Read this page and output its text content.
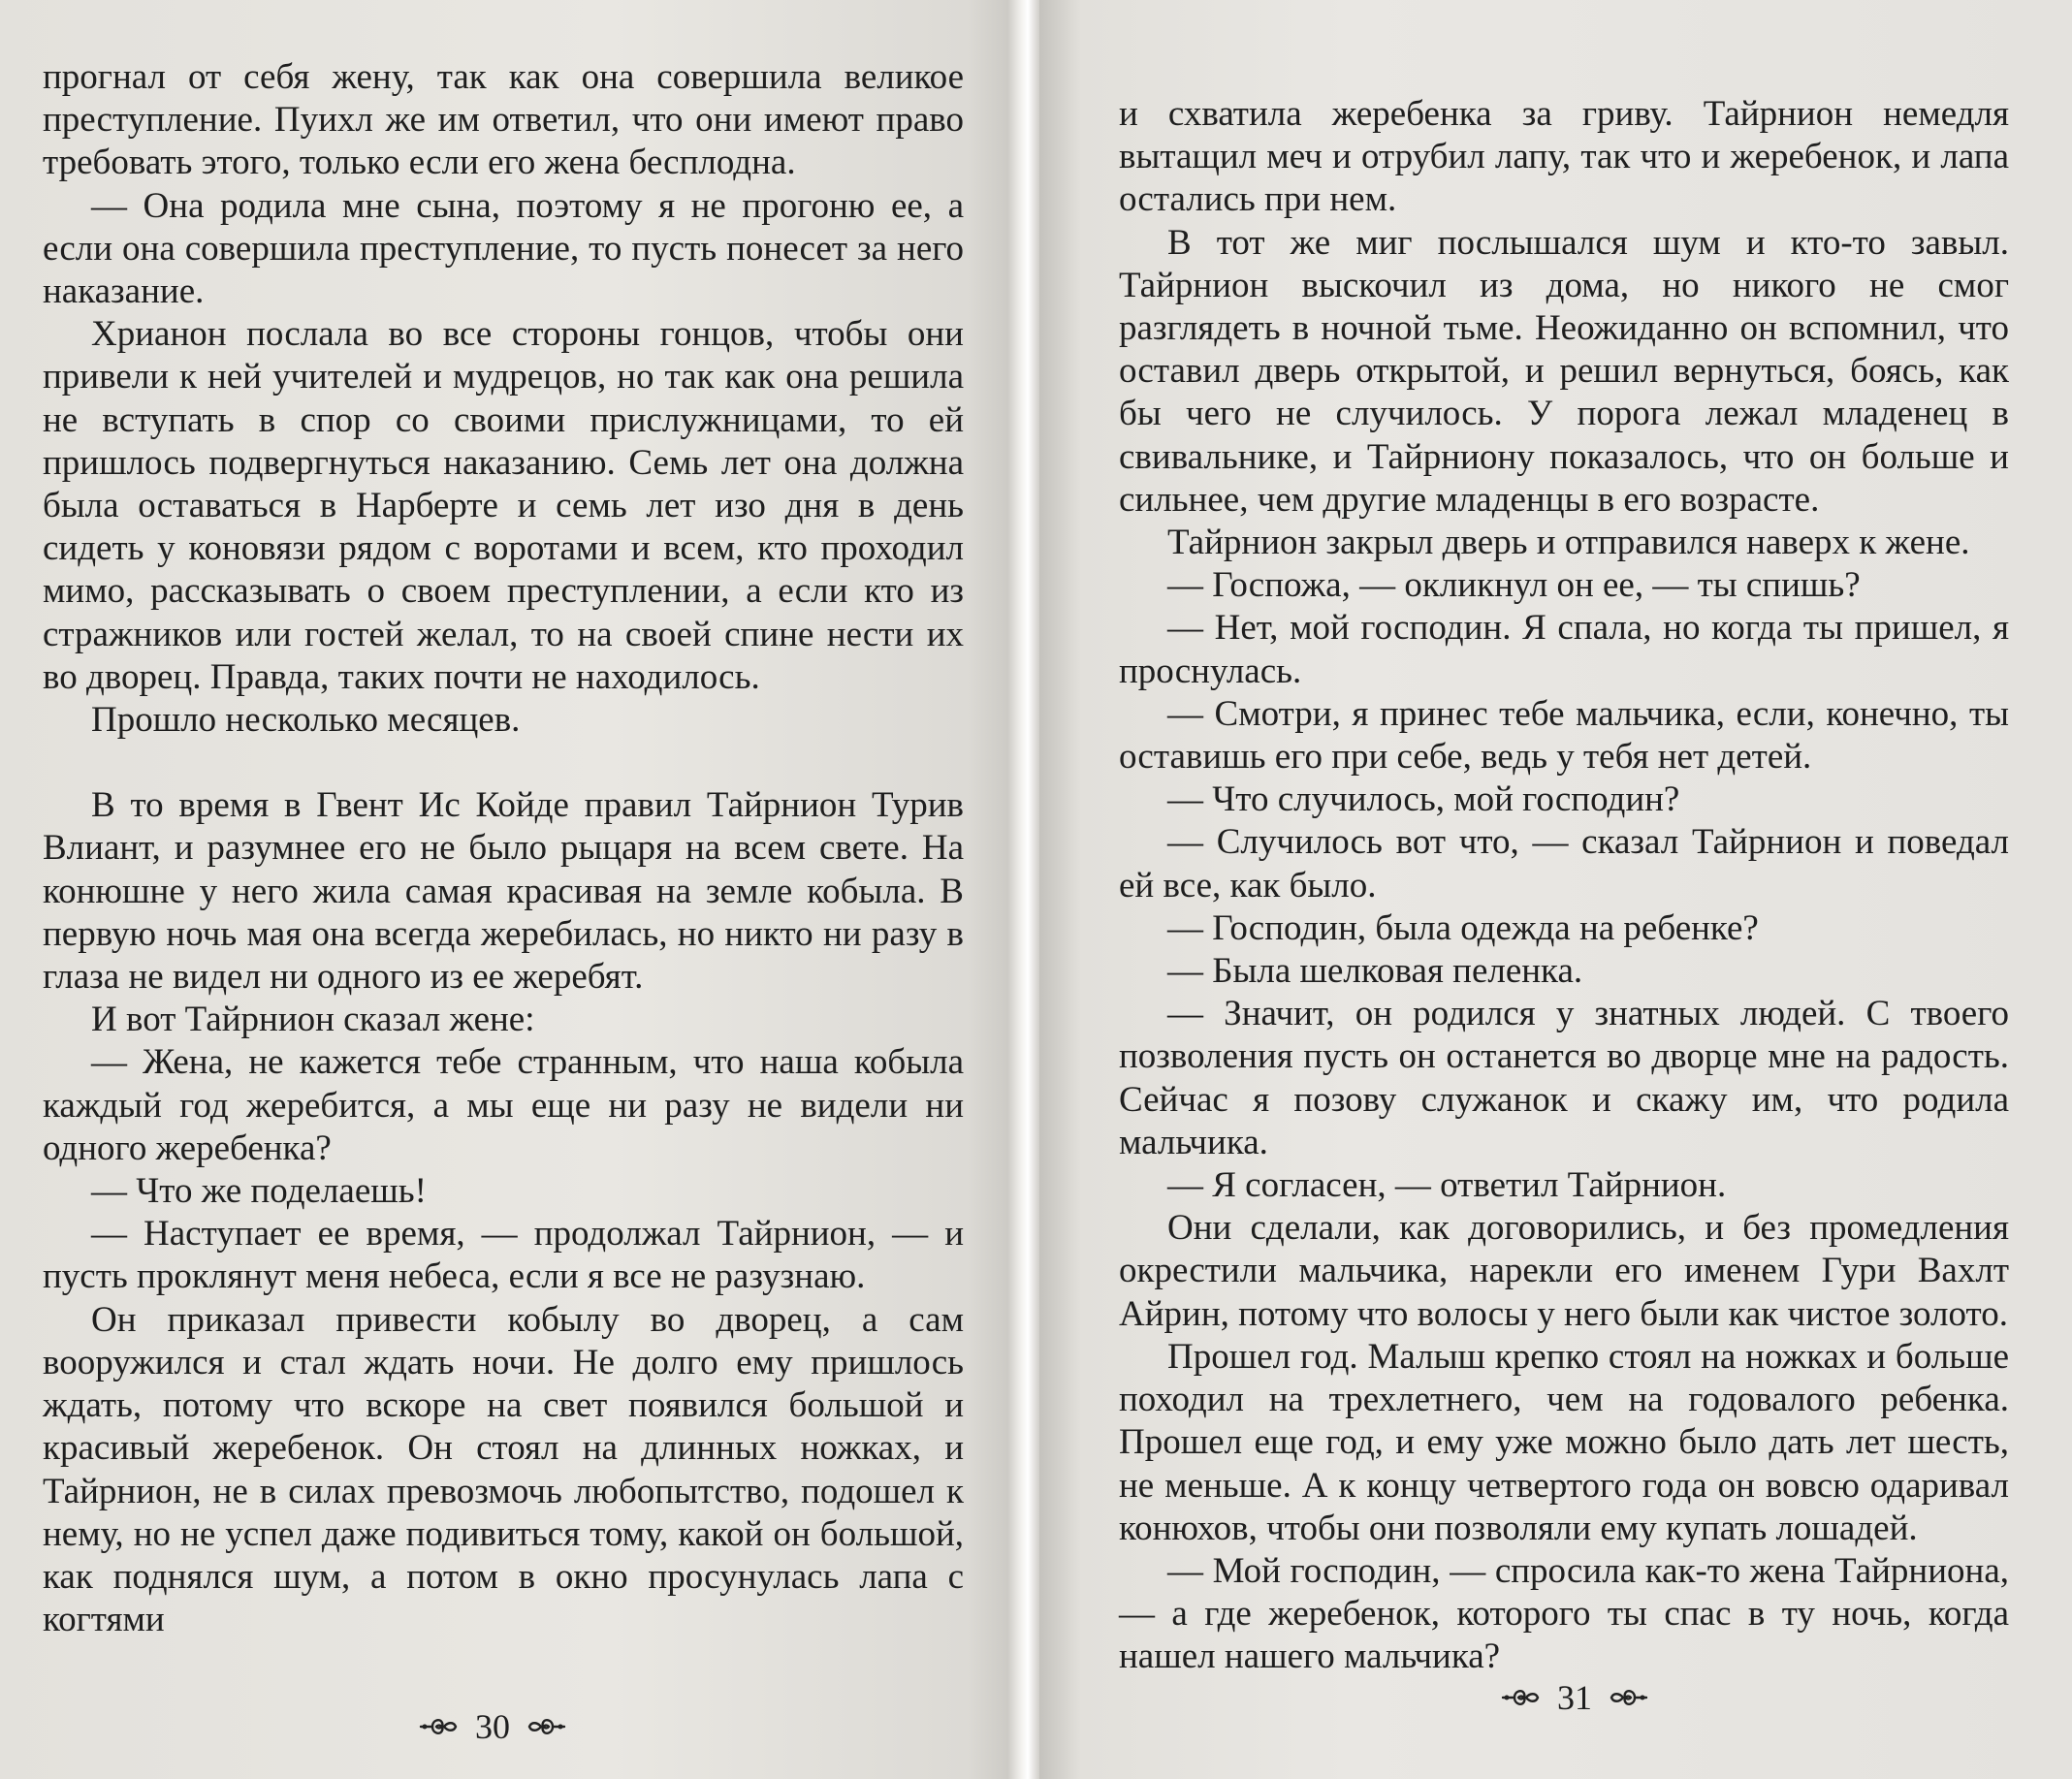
прогнал от себя жену, так как она совершила великое преступление. Пуихл же им ответил, что они имеют право требовать этого, только если его жена бесплодна.

— Она родила мне сына, поэтому я не прогоню ее, а если она совершила преступление, то пусть понесет за него наказание.

Хрианон послала во все стороны гонцов, чтобы они привели к ней учителей и мудрецов, но так как она решила не вступать в спор со своими прислужницами, то ей пришлось подвергнуться наказанию. Семь лет она должна была оставаться в Нарберте и семь лет изо дня в день сидеть у коновязи рядом с воротами и всем, кто проходил мимо, рассказывать о своем преступлении, а если кто из стражников или гостей желал, то на своей спине нести их во дворец. Правда, таких почти не находилось.

Прошло несколько месяцев.

В то время в Гвент Ис Койде правил Тайрнион Турив Влиант, и разумнее его не было рыцаря на всем свете. На конюшне у него жила самая красивая на земле кобыла. В первую ночь мая она всегда жеребилась, но никто ни разу в глаза не видел ни одного из ее жеребят.

И вот Тайрнион сказал жене:

— Жена, не кажется тебе странным, что наша кобыла каждый год жеребится, а мы еще ни разу не видели ни одного жеребенка?

— Что же поделаешь!

— Наступает ее время, — продолжал Тайрнион, — и пусть проклянут меня небеса, если я все не разузнаю.

Он приказал привести кобылу во дворец, а сам вооружился и стал ждать ночи. Не долго ему пришлось ждать, потому что вскоре на свет появился большой и красивый жеребенок. Он стоял на длинных ножках, и Тайрнион, не в силах превозмочь любопытство, подошел к нему, но не успел даже подивиться тому, какой он большой, как поднялся шум, а потом в окно просунулась лапа с когтями

30

и схватила жеребенка за гриву. Тайрнион немедля вытащил меч и отрубил лапу, так что и жеребенок, и лапа остались при нем.

В тот же миг послышался шум и кто-то завыл. Тайрнион выскочил из дома, но никого не смог разглядеть в ночной тьме. Неожиданно он вспомнил, что оставил дверь открытой, и решил вернуться, боясь, как бы чего не случилось. У порога лежал младенец в свивальнике, и Тайрниону показалось, что он больше и сильнее, чем другие младенцы в его возрасте.

Тайрнион закрыл дверь и отправился наверх к жене.

— Госпожа, — окликнул он ее, — ты спишь?

— Нет, мой господин. Я спала, но когда ты пришел, я проснулась.

— Смотри, я принес тебе мальчика, если, конечно, ты оставишь его при себе, ведь у тебя нет детей.

— Что случилось, мой господин?

— Случилось вот что, — сказал Тайрнион и поведал ей все, как было.

— Господин, была одежда на ребенке?

— Была шелковая пеленка.

— Значит, он родился у знатных людей. С твоего позволения пусть он останется во дворце мне на радость. Сейчас я позову служанок и скажу им, что родила мальчика.

— Я согласен, — ответил Тайрнион.

Они сделали, как договорились, и без промедления окрестили мальчика, нарекли его именем Гури Вахлт Айрин, потому что волосы у него были как чистое золото.

Прошел год. Малыш крепко стоял на ножках и больше походил на трехлетнего, чем на годовалого ребенка. Прошел еще год, и ему уже можно было дать лет шесть, не меньше. А к концу четвертого года он вовсю одаривал конюхов, чтобы они позволяли ему купать лошадей.

— Мой господин, — спросила как-то жена Тайрниона, — а где жеребенок, которого ты спас в ту ночь, когда нашел нашего мальчика?

31
